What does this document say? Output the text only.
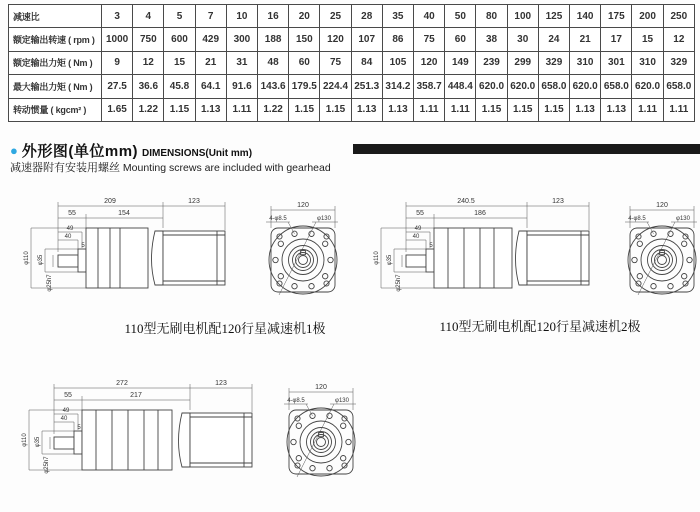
减速比	3	4	5	7	10	16	20	25	28	35	40	50	80	100	125	140	175	200	250
额定输出转速 ( rpm )	1000	750	600	429	300	188	150	120	107	86	75	60	38	30	24	21	17	15	12
额定输出力矩 ( Nm )	9	12	15	21	31	48	60	75	84	105	120	149	239	299	329	310	301	310	329
最大输出力矩 ( Nm )	27.5	36.6	45.8	64.1	91.6	143.6	179.5	224.4	251.3	314.2	358.7	448.4	620.0	620.0	658.0	620.0	658.0	620.0	658.0
转动惯量 ( kgcm² )	1.65	1.22	1.15	1.13	1.11	1.22	1.15	1.15	1.13	1.13	1.11	1.11	1.15	1.15	1.15	1.13	1.13	1.11	1.11
● 外形图(单位mm) DIMENSIONS(Unit mm)
减速器附有安装用螺丝 Mounting screws are included with gearhead
209	123
55	154
49
40
5
φ110 φ35
φ25h7
120
4-φ8.5	φ130
110型无刷电机配120行星减速机1极
240.5	123
55	186
49
40
5
φ110 φ35
φ25h7
120
4-φ8.5	φ130
110型无刷电机配120行星减速机2极
272	123
55	217
49
40
5
φ110 φ35
φ25h7
120
4-φ8.5	φ130
